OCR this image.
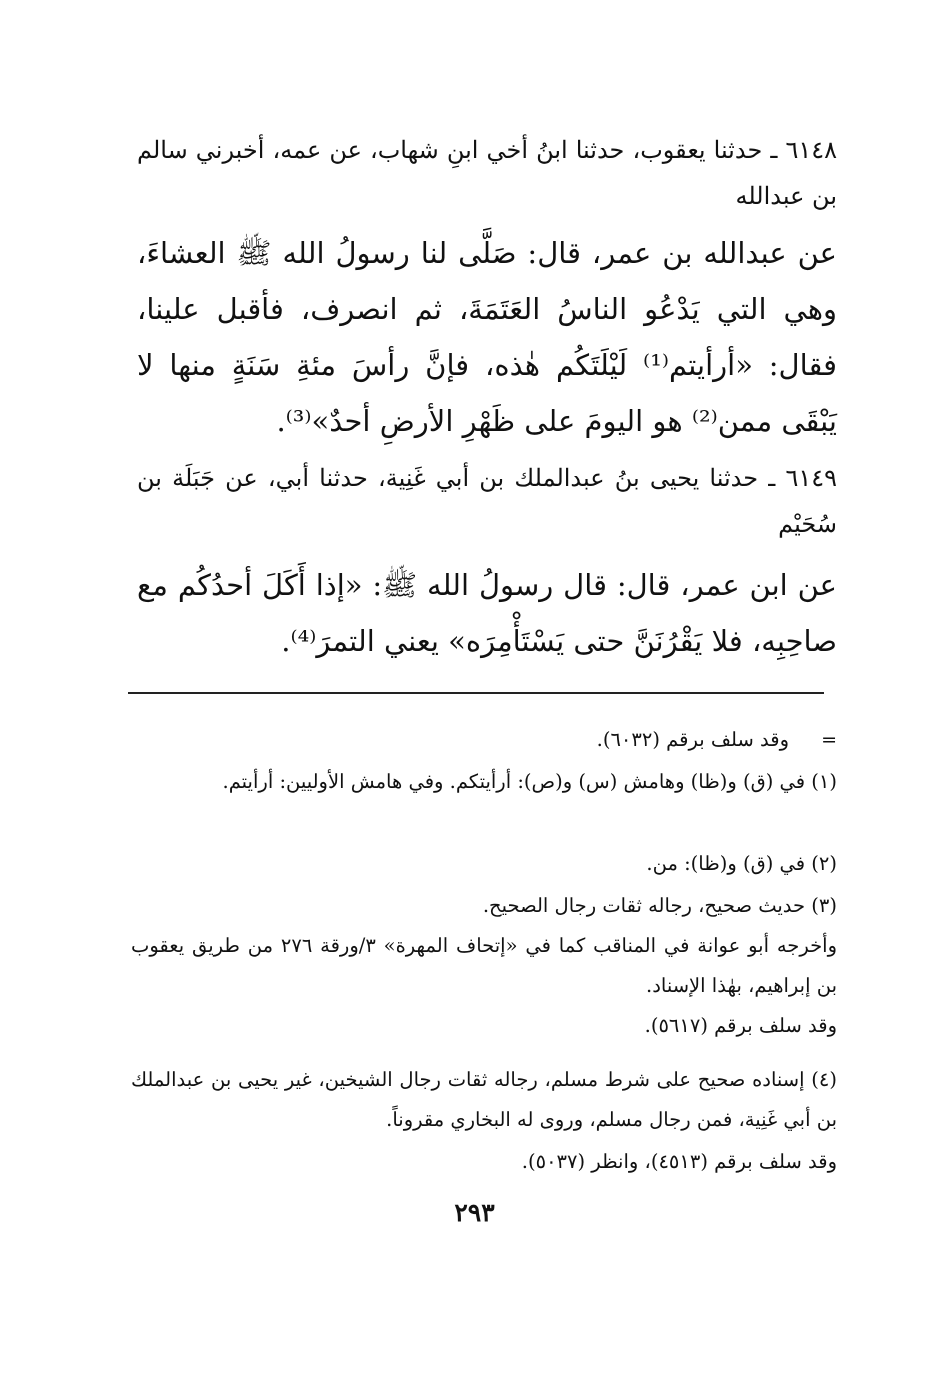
٦١٤٨ ـ حدثنا يعقوب، حدثنا ابنُ أخي ابنِ شهاب، عن عمه، أخبرني سالم بن عبدالله
عن عبدالله بن عمر، قال: صَلَّى لنا رسولُ الله ﷺ العشاءَ، وهي التي يَدْعُو الناسُ العَتَمَةَ، ثم انصرف، فأقبل علينا، فقال: «أرأيتم⁽¹⁾ لَيْلَتَكُم هٰذه، فإنَّ رأسَ مئةِ سَنَةٍ منها لا يَبْقَى ممن⁽²⁾ هو اليومَ على ظَهْرِ الأرضِ أحدٌ»⁽³⁾.
٦١٤٩ ـ حدثنا يحيى بنُ عبدالملك بن أبي غَنِية، حدثنا أبي، عن جَبَلَة بن سُحَيْم
عن ابن عمر، قال: قال رسولُ الله ﷺ: «إذا أَكَلَ أحدُكُم مع صاحِبِه، فلا يَقْرُنَنَّ حتى يَسْتَأْمِرَه» يعني التمرَ⁽⁴⁾.
=
وقد سلف برقم (٦٠٣٢).
(١) في (ق) و(ظا) وهامش (س) و(ص): أرأيتكم. وفي هامش الأوليين: أرأيتم.
(٢) في (ق) و(ظا): من.
(٣) حديث صحيح، رجاله ثقات رجال الصحيح.
وأخرجه أبو عوانة في المناقب كما في «إتحاف المهرة» ٣/ورقة ٢٧٦ من طريق يعقوب بن إبراهيم، بهٰذا الإسناد.
وقد سلف برقم (٥٦١٧).
(٤) إسناده صحيح على شرط مسلم، رجاله ثقات رجال الشيخين، غير يحيى بن عبدالملك بن أبي غَنِية، فمن رجال مسلم، وروى له البخاري مقروناً.
وقد سلف برقم (٤٥١٣)، وانظر (٥٠٣٧).
٢٩٣
